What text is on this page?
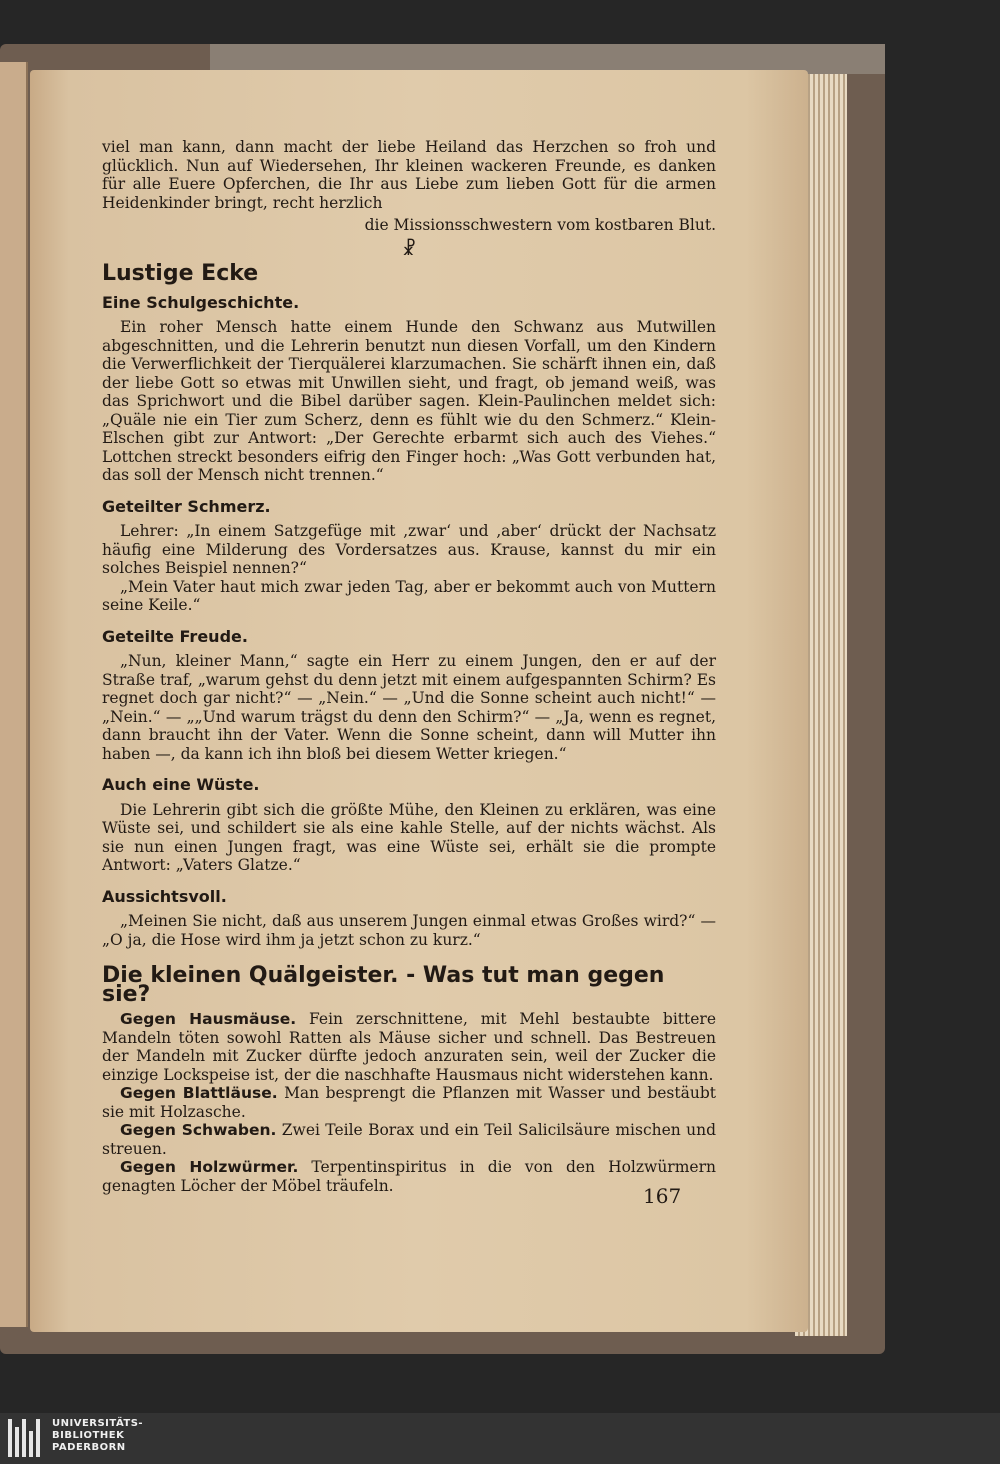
viel man kann, dann macht der liebe Heiland das Herzchen so froh und glücklich. Nun auf Wiedersehen, Ihr kleinen wackeren Freunde, es danken für alle Euere Opferchen, die Ihr aus Liebe zum lieben Gott für die armen Heidenkinder bringt, recht herzlich

die Missionsschwestern vom kostbaren Blut.

☧
Lustige Ecke
Eine Schulgeschichte.

Ein roher Mensch hatte einem Hunde den Schwanz aus Mutwillen abgeschnitten, und die Lehrerin benutzt nun diesen Vorfall, um den Kindern die Verwerflichkeit der Tierquälerei klarzumachen. Sie schärft ihnen ein, daß der liebe Gott so etwas mit Unwillen sieht, und fragt, ob jemand weiß, was das Sprichwort und die Bibel darüber sagen. Klein-Paulinchen meldet sich: „Quäle nie ein Tier zum Scherz, denn es fühlt wie du den Schmerz.“ Klein-Elschen gibt zur Antwort: „Der Gerechte erbarmt sich auch des Viehes.“ Lottchen streckt besonders eifrig den Finger hoch: „Was Gott verbunden hat, das soll der Mensch nicht trennen.“

Geteilter Schmerz.

Lehrer: „In einem Satzgefüge mit ‚zwar‘ und ‚aber‘ drückt der Nachsatz häufig eine Milderung des Vordersatzes aus. Krause, kannst du mir ein solches Beispiel nennen?“

„Mein Vater haut mich zwar jeden Tag, aber er bekommt auch von Muttern seine Keile.“

Geteilte Freude.

„Nun, kleiner Mann,“ sagte ein Herr zu einem Jungen, den er auf der Straße traf, „warum gehst du denn jetzt mit einem aufgespannten Schirm? Es regnet doch gar nicht?“ — „Nein.“ — „Und die Sonne scheint auch nicht!“ — „Nein.“ — „„Und warum trägst du denn den Schirm?“ — „Ja, wenn es regnet, dann braucht ihn der Vater. Wenn die Sonne scheint, dann will Mutter ihn haben —, da kann ich ihn bloß bei diesem Wetter kriegen.“

Auch eine Wüste.

Die Lehrerin gibt sich die größte Mühe, den Kleinen zu erklären, was eine Wüste sei, und schildert sie als eine kahle Stelle, auf der nichts wächst. Als sie nun einen Jungen fragt, was eine Wüste sei, erhält sie die prompte Antwort: „Vaters Glatze.“

Aussichtsvoll.

„Meinen Sie nicht, daß aus unserem Jungen einmal etwas Großes wird?“ — „O ja, die Hose wird ihm ja jetzt schon zu kurz.“

Die kleinen Quälgeister. - Was tut man gegen sie?

Gegen Hausmäuse. Fein zerschnittene, mit Mehl bestaubte bittere Mandeln töten sowohl Ratten als Mäuse sicher und schnell. Das Bestreuen der Mandeln mit Zucker dürfte jedoch anzuraten sein, weil der Zucker die einzige Lockspeise ist, der die naschhafte Hausmaus nicht widerstehen kann.

Gegen Blattläuse. Man besprengt die Pflanzen mit Wasser und bestäubt sie mit Holzasche.

Gegen Schwaben. Zwei Teile Borax und ein Teil Salicilsäure mischen und streuen.

Gegen Holzwürmer. Terpentinspiritus in die von den Holzwürmern genagten Löcher der Möbel träufeln.	167
UNIVERSITÄTS-
BIBLIOTHEK
PADERBORN
